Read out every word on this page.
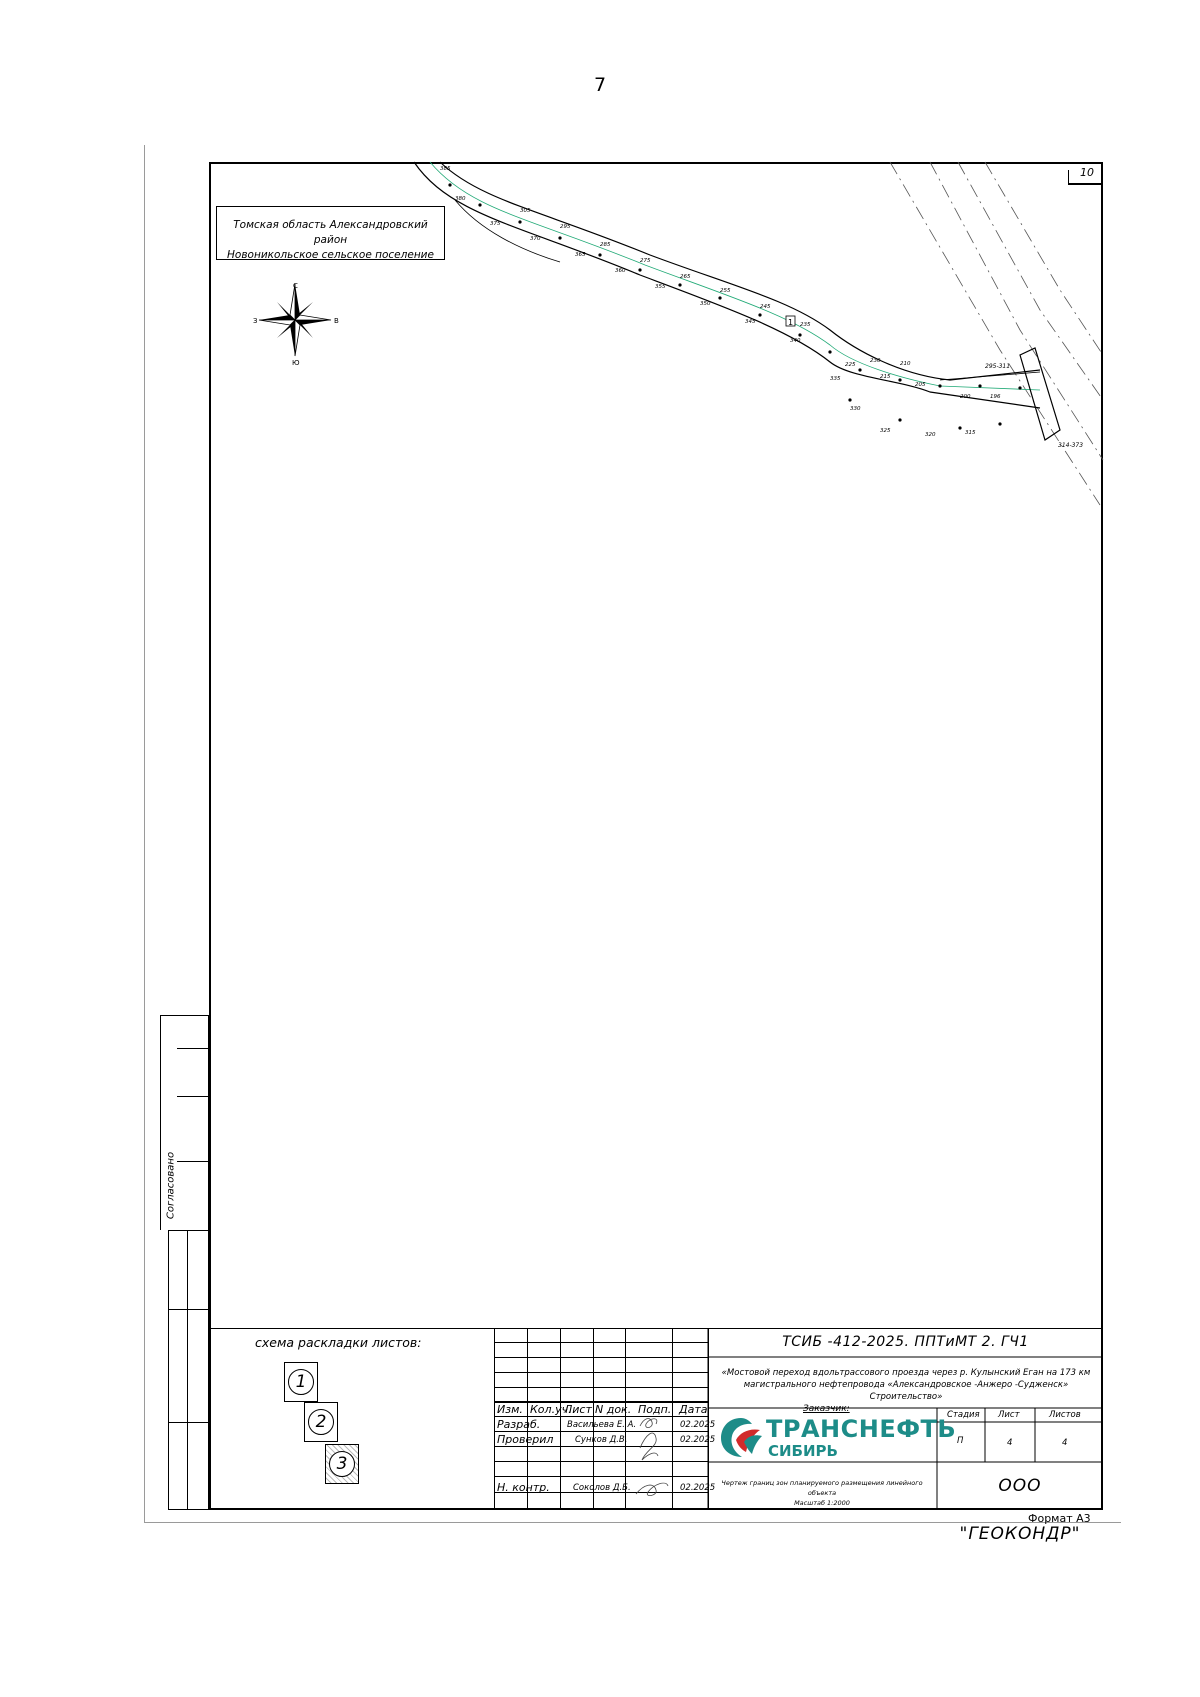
7
10
Томская область Александровский район
Новоникольское сельское поселение
С
Ю
З	В
385
380
375
370
365
360
355
350
345
340
335
330
325
320	315
305
295
285
275
265
255
245
235
225
215
205
200	196
230	210
1
295-311
314-373
Согласовано
схема раскладки листов:
1
2
3
Изм. Кол.уч.
Лист N док. Подп. Дата
Разраб.	Васильева Е. А.	02.2025
Проверил	Сунков Д.В.	02.2025
Н. контр.	Соколов Д.Б.	02.2025
ТСИБ -412-2025. ППТиМТ 2. ГЧ1
«Мостовой переход вдольтрассового проезда через р. Кулынский Еган на 173 км
магистрального нефтепровода «Александровское -Анжеро -Судженск» Строительство»
Заказчик:
ТРАНСНЕФТЬ
СИБИРЬ
Чертеж границ зон планируемого размещения линейного объекта
Масштаб 1:2000
Стадия Лист	Листов
П	4	4
ООО "ГЕОКОНДР"
Формат А3
